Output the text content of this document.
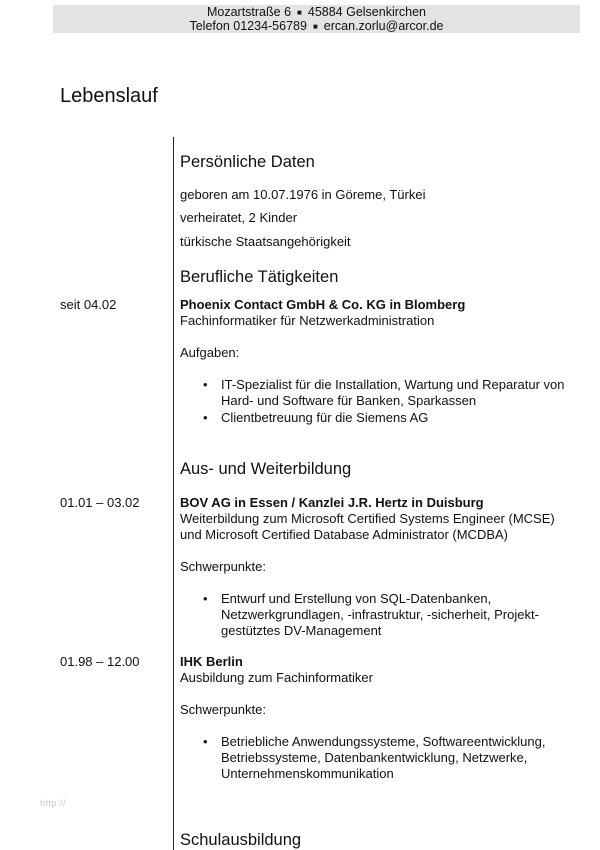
Mozartstraße 6 ■ 45884 Gelsenkirchen
Telefon 01234-56789 ■ ercan.zorlu@arcor.de
Lebenslauf
Persönliche Daten
geboren am 10.07.1976 in Göreme, Türkei
verheiratet, 2 Kinder
türkische Staatsangehörigkeit
Berufliche Tätigkeiten
seit 04.02	Phoenix Contact GmbH & Co. KG in Blomberg
Fachinformatiker für Netzwerkadministration
Aufgaben:
• IT-Spezialist für die Installation, Wartung und Reparatur von Hard- und Software für Banken, Sparkassen
• Clientbetreuung für die Siemens AG
Aus- und Weiterbildung
01.01 – 03.02	BOV AG in Essen / Kanzlei J.R. Hertz in Duisburg
Weiterbildung zum Microsoft Certified Systems Engineer (MCSE)
und Microsoft Certified Database Administrator (MCDBA)
Schwerpunkte:
• Entwurf und Erstellung von SQL-Datenbanken, Netzwerkgrundlagen, -infrastruktur, -sicherheit, Projekt-gestütztes DV-Management
01.98 – 12.00	IHK Berlin
Ausbildung zum Fachinformatiker
Schwerpunkte:
• Betriebliche Anwendungssysteme, Softwareentwicklung, Betriebssysteme, Datenbankentwicklung, Netzwerke, Unternehmenskommunikation
Schulausbildung
http://
